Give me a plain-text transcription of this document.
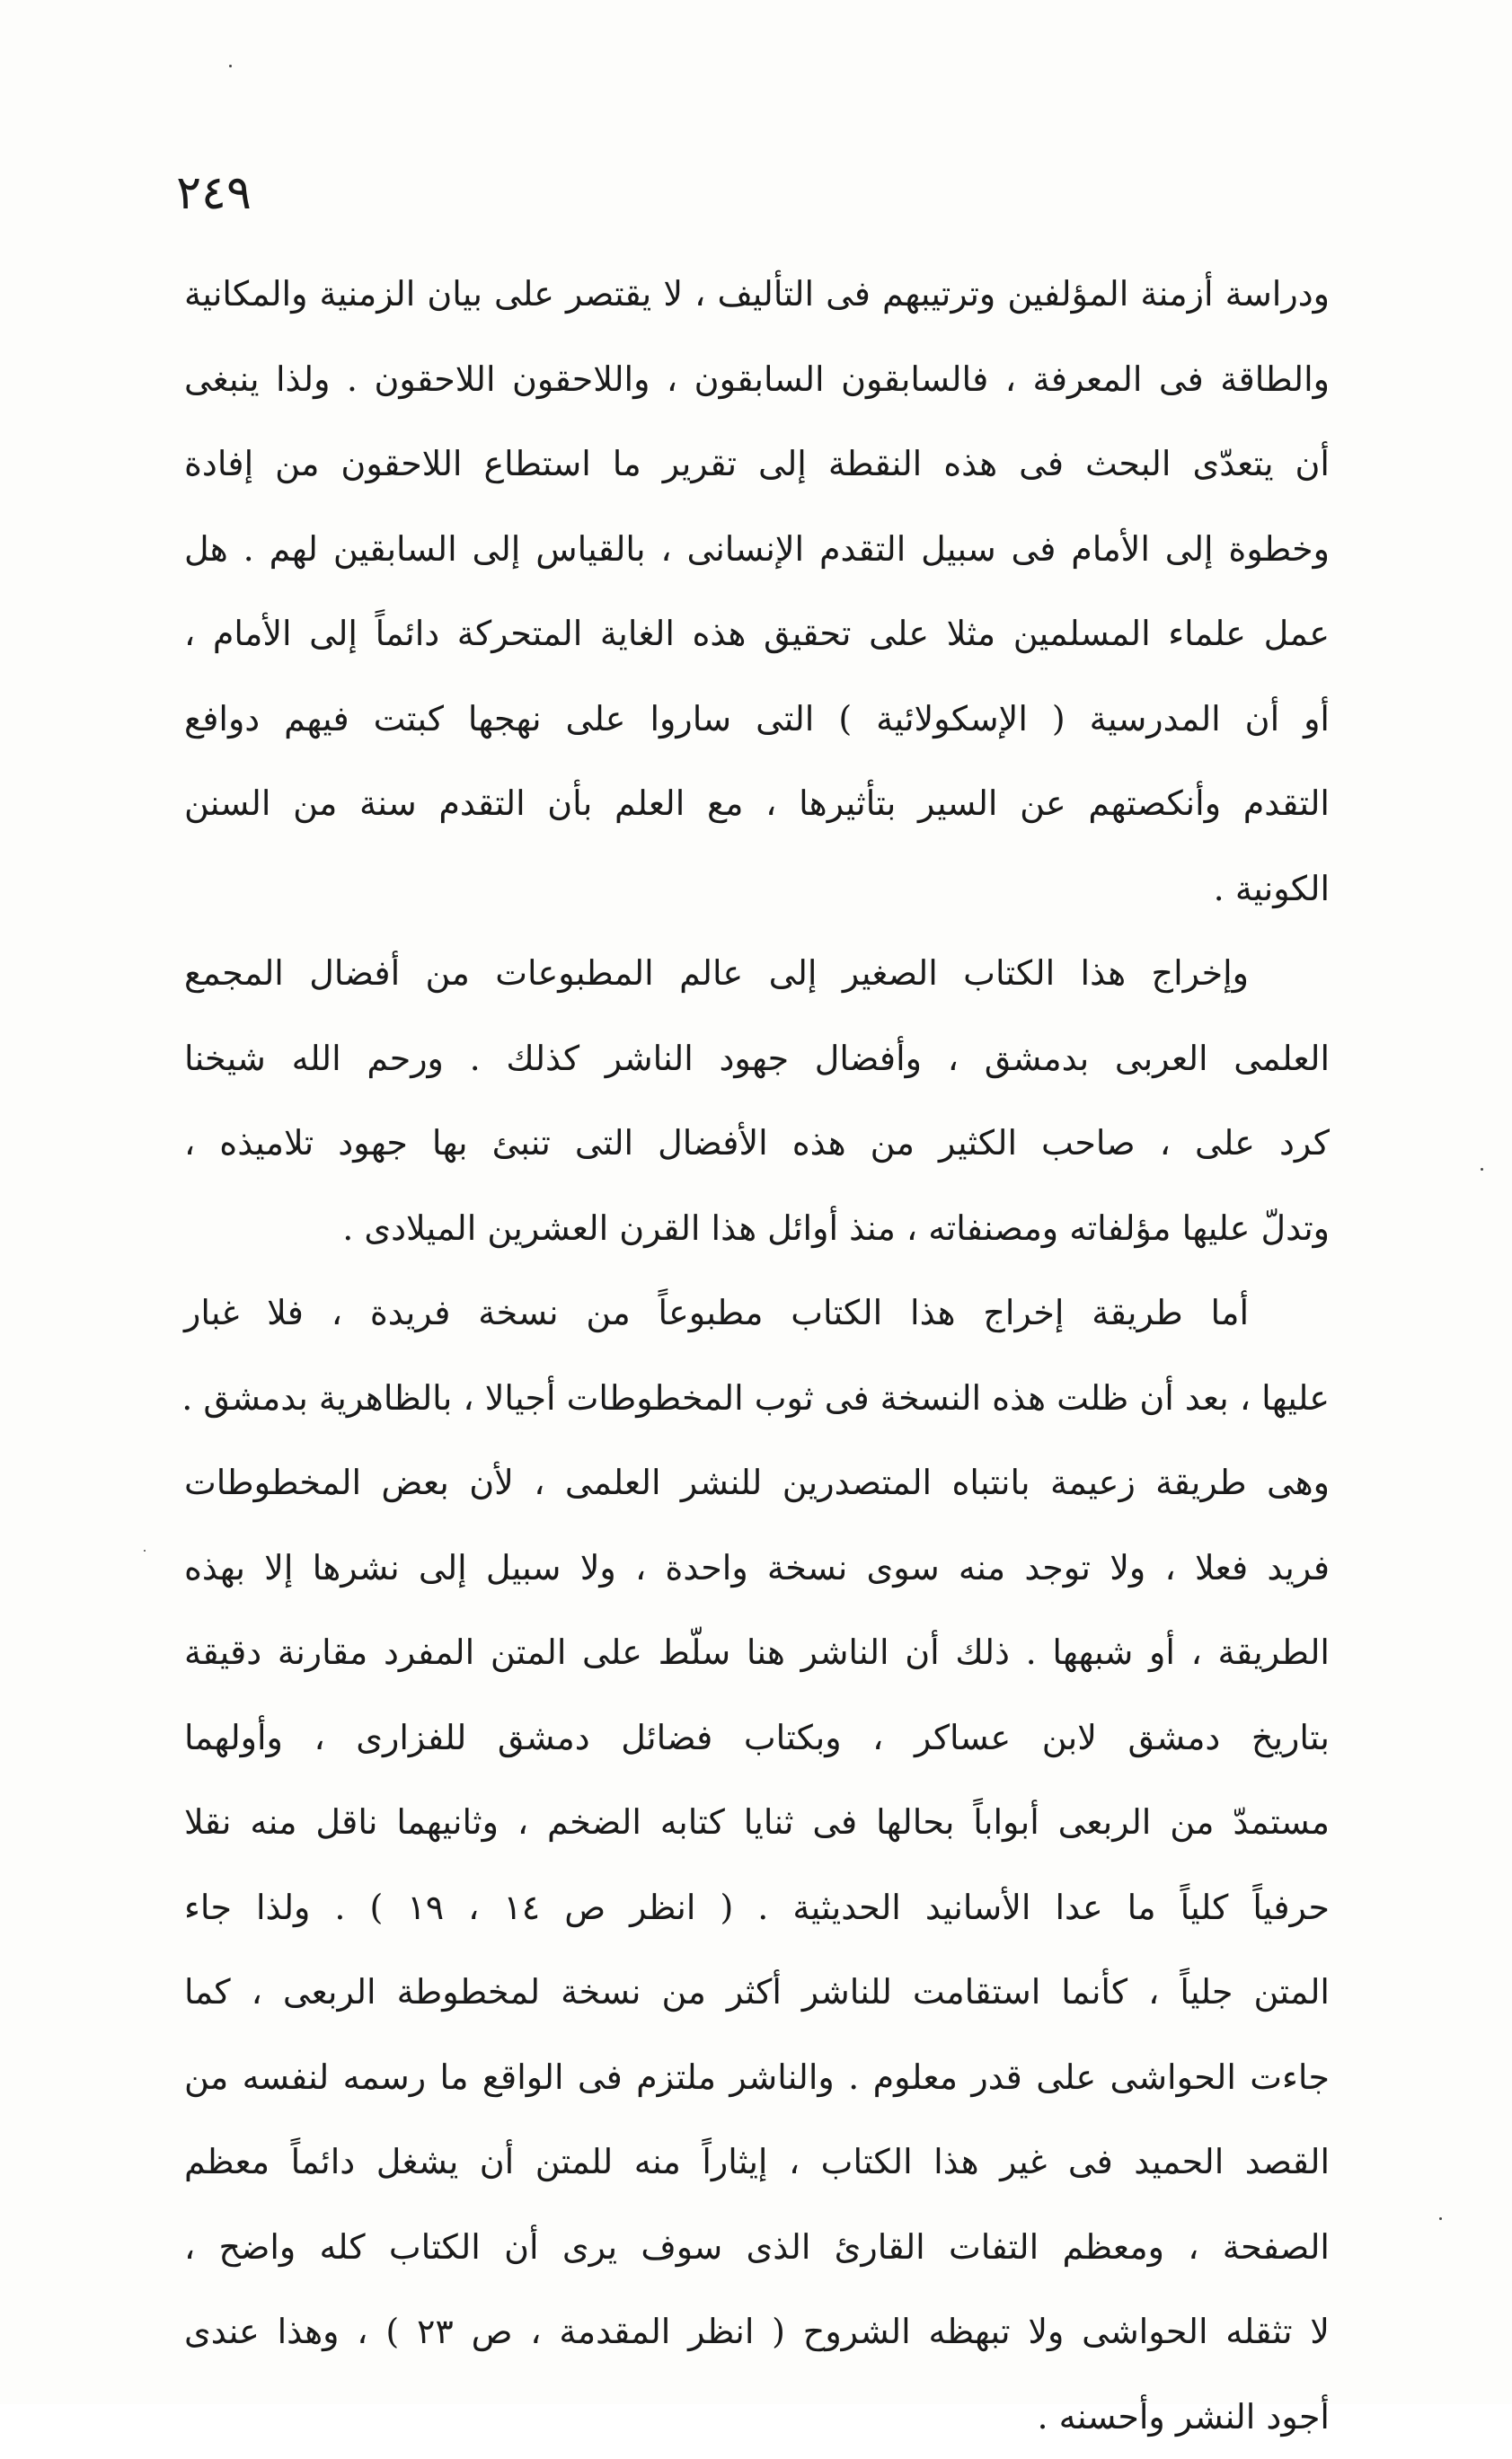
٢٤٩
ودراسة أزمنة المؤلفين وترتيبهم فى التأليف ، لا يقتصر على بيان الزمنية والمكانية
والطاقة فى المعرفة ، فالسابقون السابقون ، واللاحقون اللاحقون . ولذا ينبغى
أن يتعدّى البحث فى هذه النقطة إلى تقرير ما استطاع اللاحقون من إفادة
وخطوة إلى الأمام فى سبيل التقدم الإنسانى ، بالقياس إلى السابقين لهم . هل
عمل علماء المسلمين مثلا على تحقيق هذه الغاية المتحركة دائماً إلى الأمام ،
أو أن المدرسية ( الإسكولائية ) التى ساروا على نهجها كبتت فيهم دوافع
التقدم وأنكصتهم عن السير بتأثيرها ، مع العلم بأن التقدم سنة من السنن
الكونية .
وإخراج هذا الكتاب الصغير إلى عالم المطبوعات من أفضال المجمع
العلمى العربى بدمشق ، وأفضال جهود الناشر كذلك . ورحم الله شيخنا
كرد على ، صاحب الكثير من هذه الأفضال التى تنبئ بها جهود تلاميذه ،
وتدلّ عليها مؤلفاته ومصنفاته ، منذ أوائل هذا القرن العشرين الميلادى .
أما طريقة إخراج هذا الكتاب مطبوعاً من نسخة فريدة ، فلا غبار
عليها ، بعد أن ظلت هذه النسخة فى ثوب المخطوطات أجيالا ، بالظاهرية بدمشق .
وهى طريقة زعيمة بانتباه المتصدرين للنشر العلمى ، لأن بعض المخطوطات
فريد فعلا ، ولا توجد منه سوى نسخة واحدة ، ولا سبيل إلى نشرها إلا بهذه
الطريقة ، أو شبهها . ذلك أن الناشر هنا سلّط على المتن المفرد مقارنة دقيقة
بتاريخ دمشق لابن عساكر ، وبكتاب فضائل دمشق للفزارى ، وأولهما
مستمدّ من الربعى أبواباً بحالها فى ثنايا كتابه الضخم ، وثانيهما ناقل منه نقلا
حرفياً كلياً ما عدا الأسانيد الحديثية . ( انظر ص ١٤ ، ١٩ ) . ولذا جاء
المتن جلياً ، كأنما استقامت للناشر أكثر من نسخة لمخطوطة الربعى ، كما
جاءت الحواشى على قدر معلوم . والناشر ملتزم فى الواقع ما رسمه لنفسه من
القصد الحميد فى غير هذا الكتاب ، إيثاراً منه للمتن أن يشغل دائماً معظم
الصفحة ، ومعظم التفات القارئ الذى سوف يرى أن الكتاب كله واضح ،
لا تثقله الحواشى ولا تبهظه الشروح ( انظر المقدمة ، ص ٢٣ ) ، وهذا عندى
أجود النشر وأحسنه .
